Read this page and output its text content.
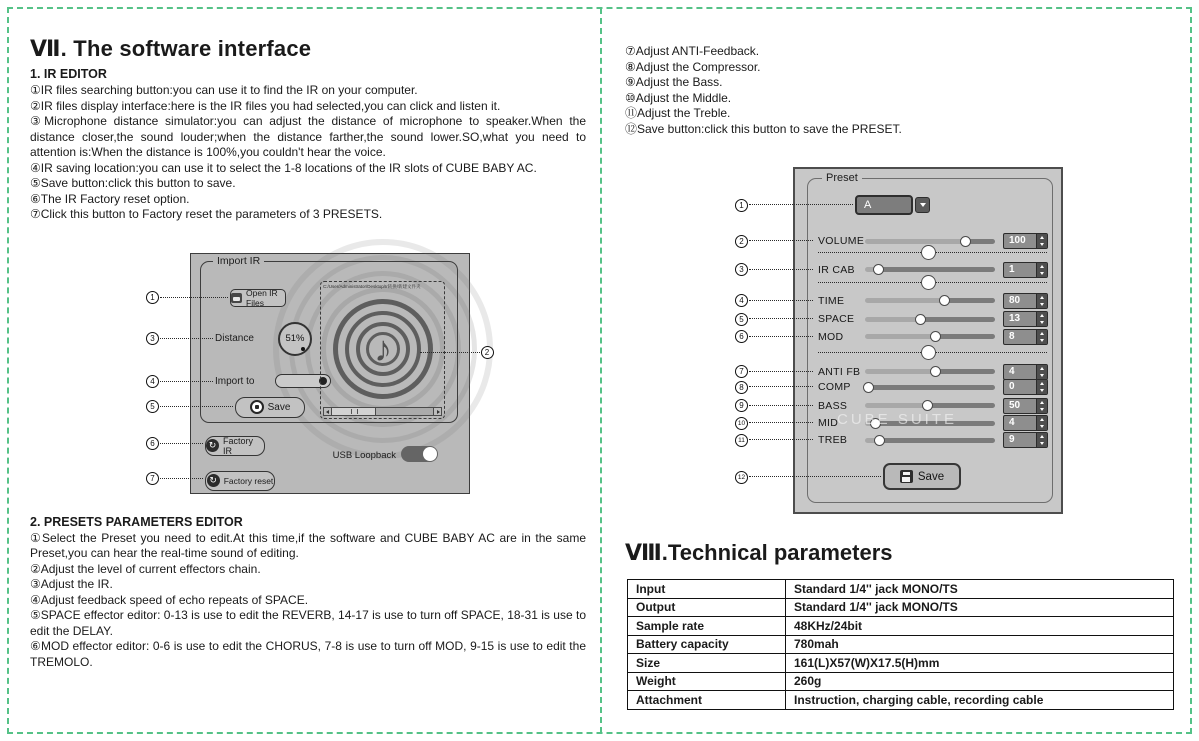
Ⅶ. The software interface
1. IR EDITOR

①IR files searching button:you can use it to find the IR on your computer.

②IR files display interface:here is the IR files you had selected,you can click and listen it.

③Microphone distance simulator:you can adjust the distance of microphone to speaker.When the distance closer,the sound louder;when the distance farther,the sound lower.SO,what you need to attention is:When the distance is 100%,you couldn't hear the voice.

④IR saving location:you can use it to select the 1-8 locations of the IR slots of CUBE BABY AC.

⑤Save button:click this button to save.

⑥The IR Factory reset option.

⑦Click this button to Factory reset the parameters of 3 PRESETS.

♪
Import IR
C:/User/Administrator/Desktop/Ir转换/新建文件夹
Open IR Files
Distance	51%
Import to
Save
↻ Factory IR
↻ Factory reset
USB Loopback
1
3
4
5
6
7
2
2. PRESETS PARAMETERS EDITOR

①Select the Preset you need to edit.At this time,if the software and CUBE BABY AC are in the same Preset,you can hear the real-time sound of editing.

②Adjust the level of current effectors chain.

③Adjust the IR.

④Adjust feedback speed of echo repeats of SPACE.

⑤SPACE effector editor: 0-13 is use to edit the REVERB, 14-17 is use to turn off SPACE, 18-31 is use to edit the DELAY.

⑥MOD effector editor: 0-6 is use to edit the CHORUS, 7-8 is use to turn off MOD, 9-15 is use to edit the TREMOLO.

⑦Adjust ANTI-Feedback.

⑧Adjust the Compressor.

⑨Adjust the Bass.

⑩Adjust the Middle.

⑪Adjust the Treble.

⑫Save button:click this button to save the PRESET.

Preset
A
CUBE SUITE
VOLUME	100
IR CAB	1
TIME	80
SPACE	13
MOD	8
ANTI FB	4
COMP	0
BASS	50
MID	4
TREB	9
Save
1
2
3
4
5
6
7
8
9
10
11
12
Ⅷ.Technical parameters
Input	Standard 1/4'' jack MONO/TS
Output	Standard 1/4'' jack MONO/TS
Sample rate	48KHz/24bit
Battery capacity	780mah
Size	161(L)X57(W)X17.5(H)mm
Weight	260g
Attachment	Instruction, charging cable, recording cable
